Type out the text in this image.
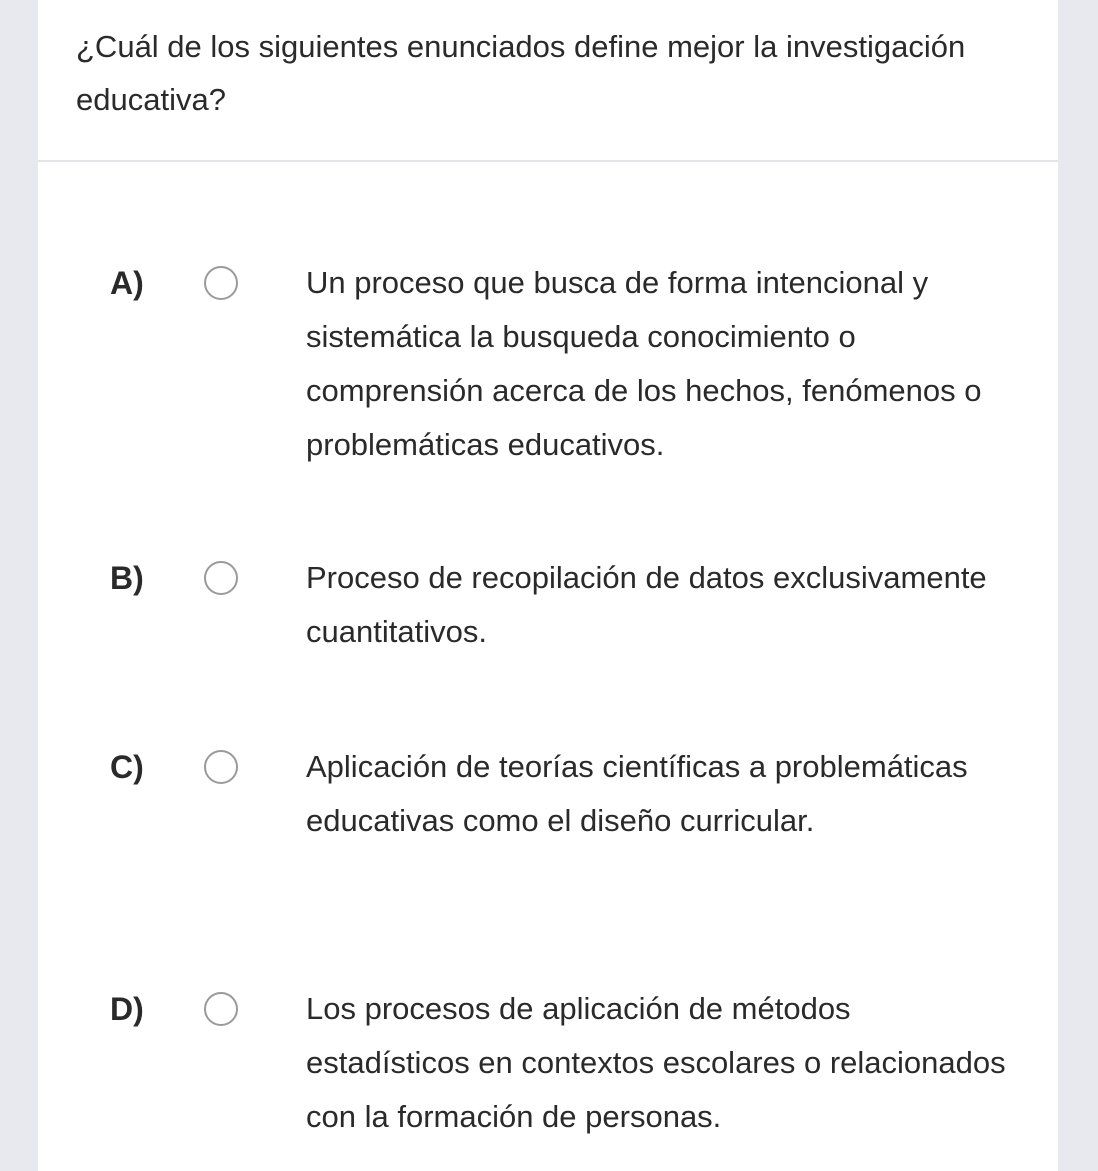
¿Cuál de los siguientes enunciados define mejor la investigación educativa?

A)	Un proceso que busca de forma intencional y sistemática la busqueda conocimiento o comprensión acerca de los hechos, fenómenos o problemáticas educativos.
B)	Proceso de recopilación de datos exclusivamente cuantitativos.
C)	Aplicación de teorías científicas a problemáticas educativas como el diseño curricular.
D)	Los procesos de aplicación de métodos estadísticos en contextos escolares o relacionados con la formación de personas.
